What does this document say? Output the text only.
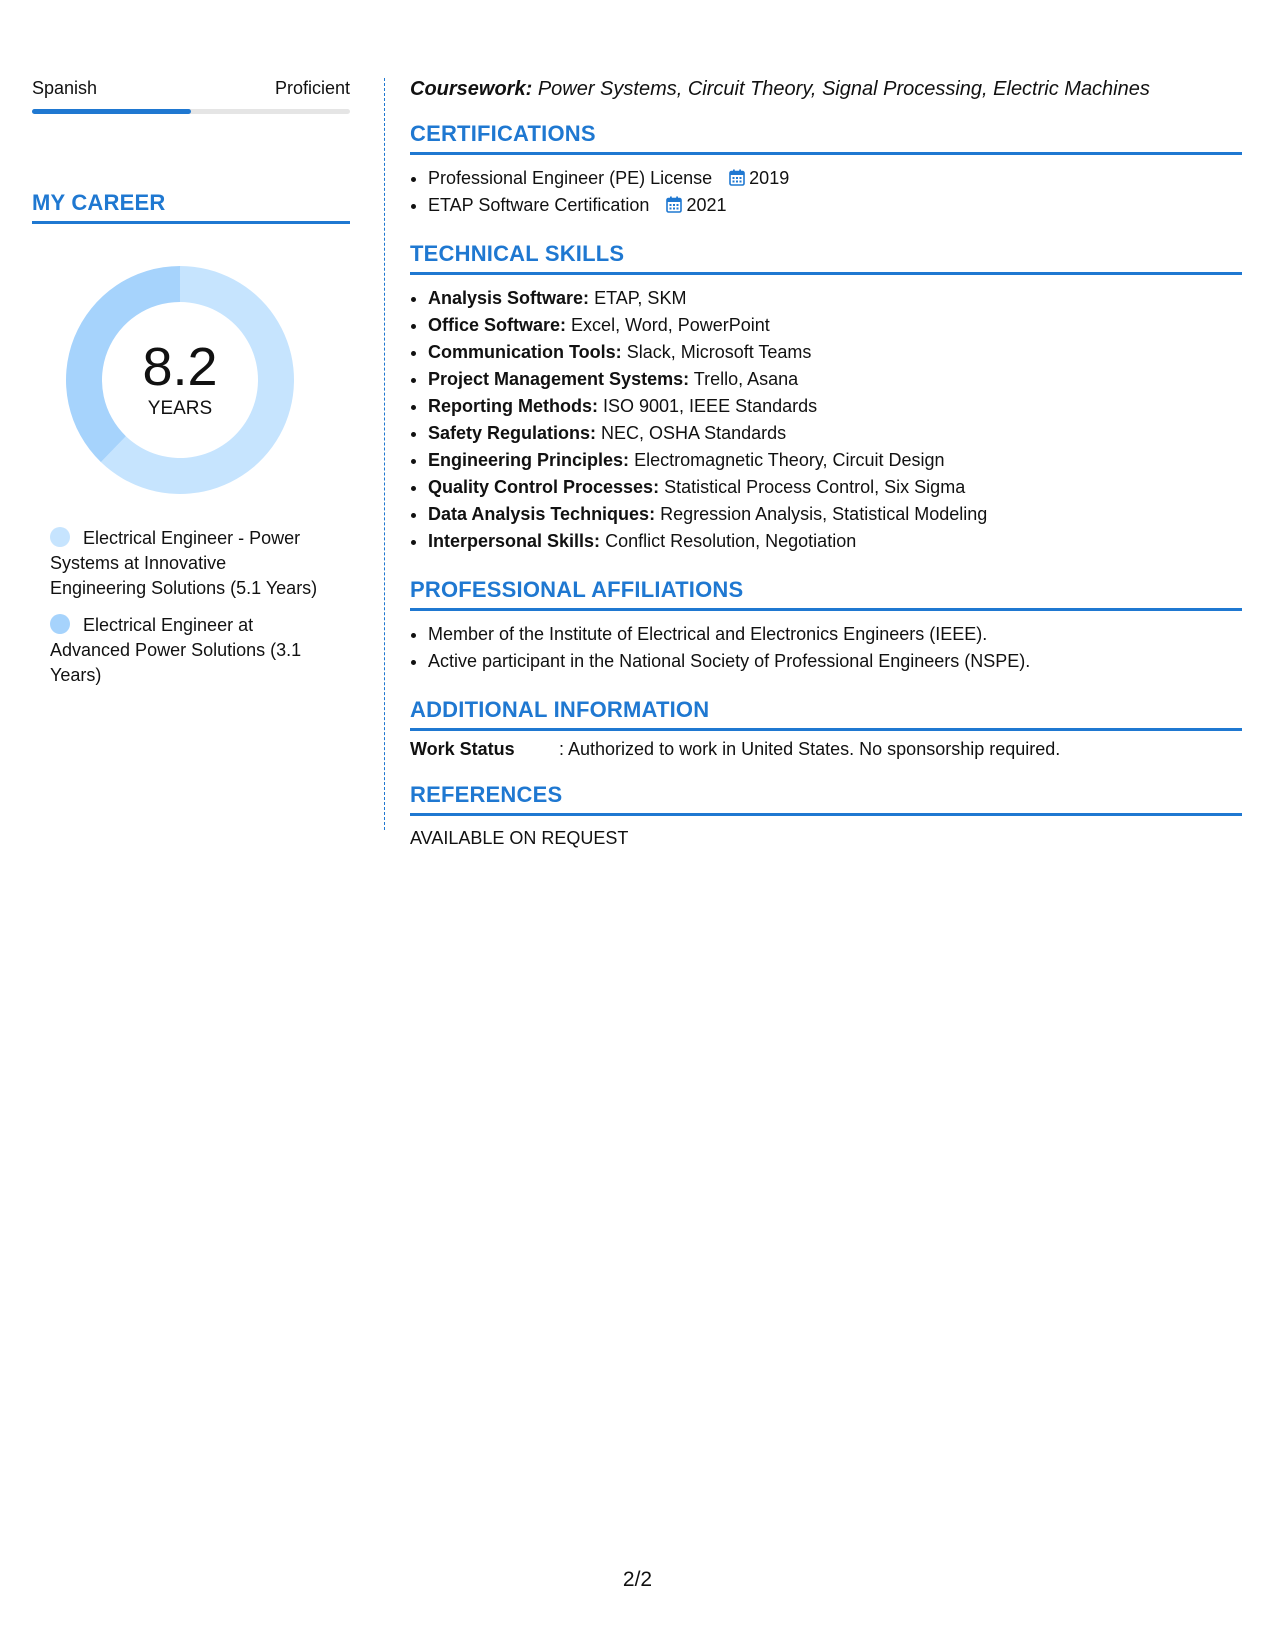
Spanish	Proficient
MY CAREER
8.2
YEARS
Electrical Engineer - Power Systems at Innovative Engineering Solutions (5.1 Years)
Electrical Engineer at Advanced Power Solutions (3.1 Years)
Coursework: Power Systems, Circuit Theory, Signal Processing, Electric Machines
CERTIFICATIONS
• Professional Engineer (PE) License 2019
• ETAP Software Certification 2021
TECHNICAL SKILLS
• Analysis Software: ETAP, SKM
• Office Software: Excel, Word, PowerPoint
• Communication Tools: Slack, Microsoft Teams
• Project Management Systems: Trello, Asana
• Reporting Methods: ISO 9001, IEEE Standards
• Safety Regulations: NEC, OSHA Standards
• Engineering Principles: Electromagnetic Theory, Circuit Design
• Quality Control Processes: Statistical Process Control, Six Sigma
• Data Analysis Techniques: Regression Analysis, Statistical Modeling
• Interpersonal Skills: Conflict Resolution, Negotiation
PROFESSIONAL AFFILIATIONS
• Member of the Institute of Electrical and Electronics Engineers (IEEE).
• Active participant in the National Society of Professional Engineers (NSPE).
ADDITIONAL INFORMATION
Work Status	: Authorized to work in United States. No sponsorship required.
REFERENCES
AVAILABLE ON REQUEST
2/2
